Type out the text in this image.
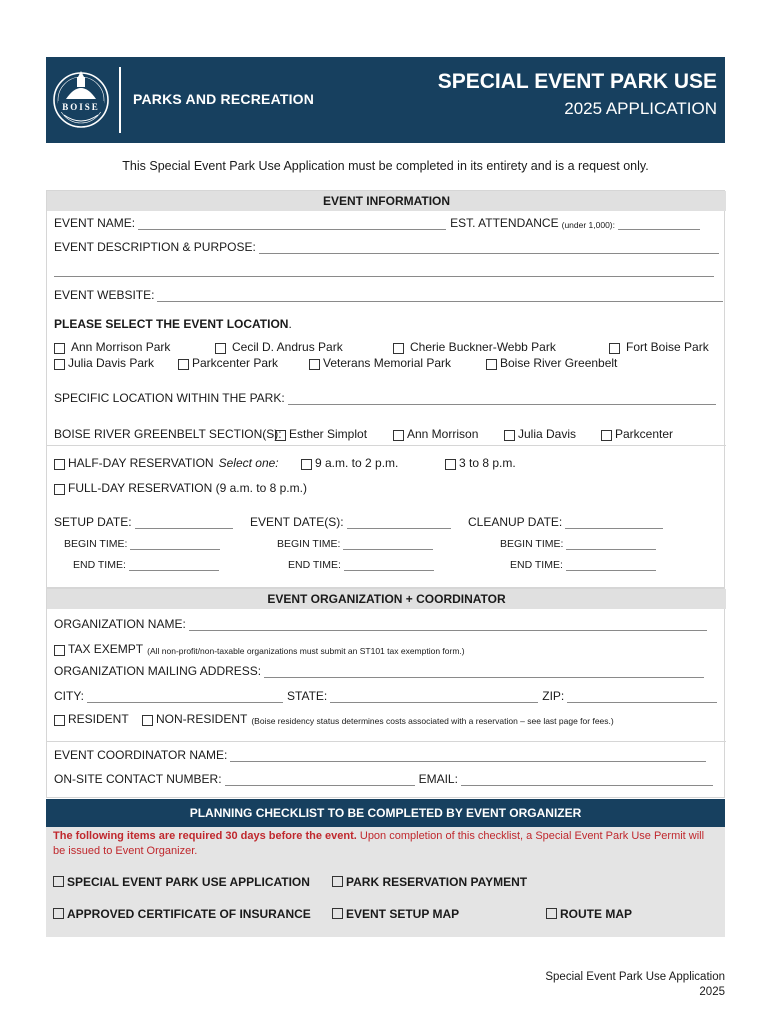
BOISE PARKS AND RECREATION
SPECIAL EVENT PARK USE
2025 APPLICATION
This Special Event Park Use Application must be completed in its entirety and is a request only.
EVENT INFORMATION
EVENT NAME:	EST. ATTENDANCE (under 1,000):
EVENT DESCRIPTION & PURPOSE:
EVENT WEBSITE:
PLEASE SELECT THE EVENT LOCATION .
Ann Morrison Park	Cecil D. Andrus Park	Cherie Buckner-Webb Park	Fort Boise Park
Julia Davis Park	Parkcenter Park	Veterans Memorial Park	Boise River Greenbelt
SPECIFIC LOCATION WITHIN THE PARK:
BOISE RIVER GREENBELT SECTION(S): Esther Simplot	Ann Morrison	Julia Davis	Parkcenter
HALF-DAY RESERVATION Select one:	9 a.m. to 2 p.m.	3 to 8 p.m.
FULL-DAY RESERVATION (9 a.m. to 8 p.m.)
SETUP DATE:	EVENT DATE(S):	CLEANUP DATE:
BEGIN TIME:	BEGIN TIME:	BEGIN TIME:
END TIME:	END TIME:	END TIME:
EVENT ORGANIZATION + COORDINATOR
ORGANIZATION NAME:
TAX EXEMPT (All non-profit/non-taxable organizations must submit an ST101 tax exemption form.)
ORGANIZATION MAILING ADDRESS:
CITY:	STATE:	ZIP:
RESIDENT NON-RESIDENT (Boise residency status determines costs associated with a reservation – see last page for fees.)
EVENT COORDINATOR NAME:
ON-SITE CONTACT NUMBER:	EMAIL:
PLANNING CHECKLIST TO BE COMPLETED BY EVENT ORGANIZER
The following items are required 30 days before the event. Upon completion of this checklist, a Special Event Park Use Permit will be issued to Event Organizer.
SPECIAL EVENT PARK USE APPLICATION	PARK RESERVATION PAYMENT
APPROVED CERTIFICATE OF INSURANCE	EVENT SETUP MAP	ROUTE MAP
Special Event Park Use Application
2025
